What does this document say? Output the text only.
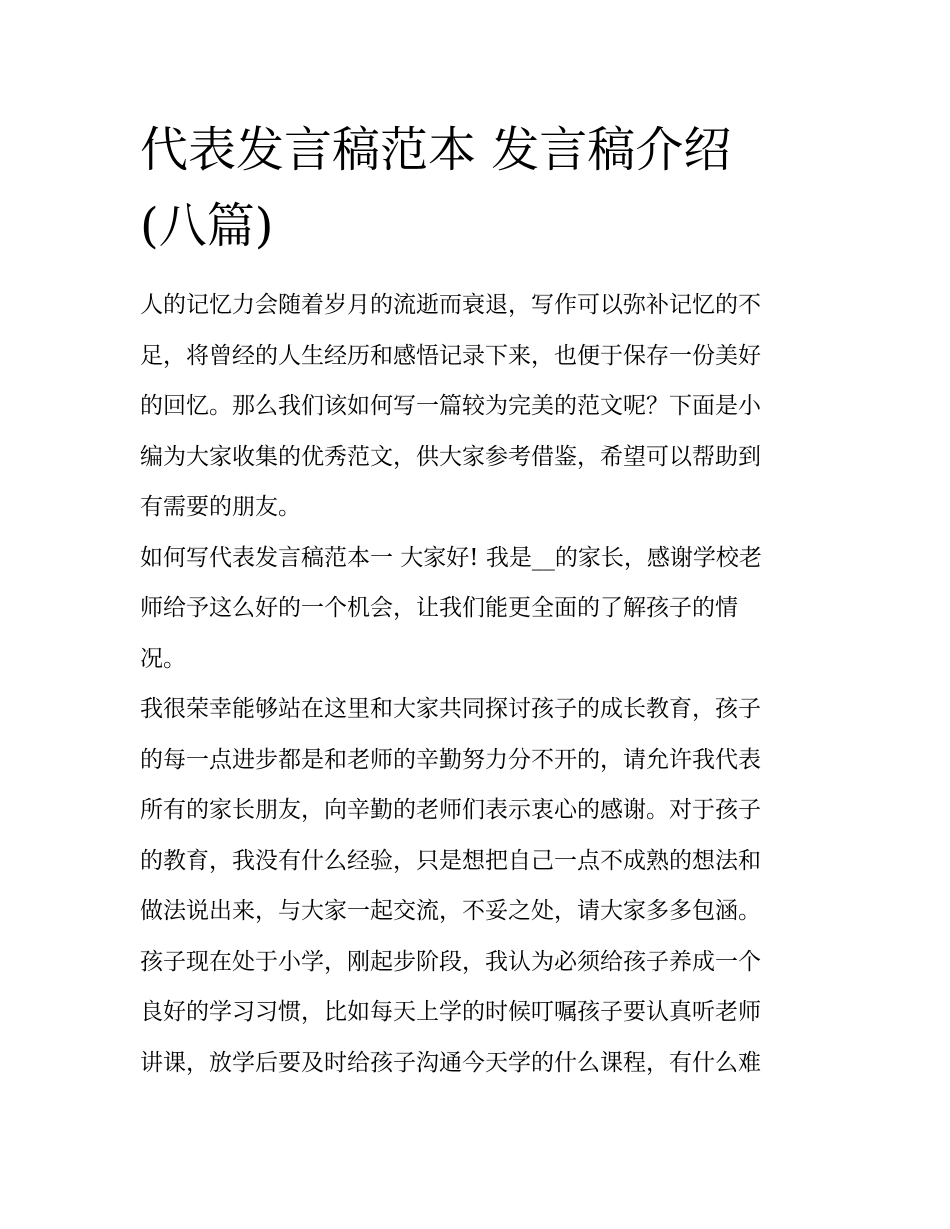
代表发言稿范本 发言稿介绍
(八篇)

人的记忆力会随着岁月的流逝而衰退，写作可以弥补记忆的不
足，将曾经的人生经历和感悟记录下来，也便于保存一份美好
的回忆。那么我们该如何写一篇较为完美的范文呢？下面是小
编为大家收集的优秀范文，供大家参考借鉴，希望可以帮助到
有需要的朋友。

如何写代表发言稿范本一 大家好! 我是__的家长，感谢学校老
师给予这么好的一个机会，让我们能更全面的了解孩子的情
况。

我很荣幸能够站在这里和大家共同探讨孩子的成长教育，孩子
的每一点进步都是和老师的辛勤努力分不开的，请允许我代表
所有的家长朋友，向辛勤的老师们表示衷心的感谢。对于孩子
的教育，我没有什么经验，只是想把自己一点不成熟的想法和
做法说出来，与大家一起交流，不妥之处，请大家多多包涵。

孩子现在处于小学，刚起步阶段，我认为必须给孩子养成一个
良好的学习习惯，比如每天上学的时候叮嘱孩子要认真听老师
讲课，放学后要及时给孩子沟通今天学的什么课程，有什么难
